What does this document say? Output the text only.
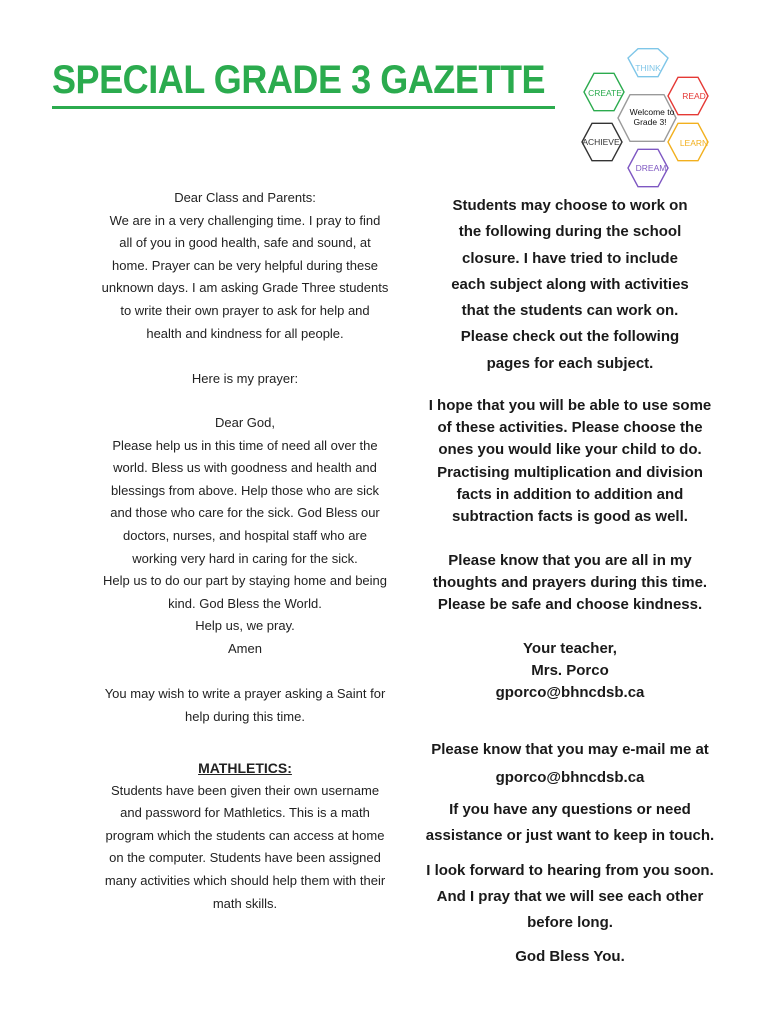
SPECIAL GRADE 3 GAZETTE	THINK
READ
LEARN
DREAM
ACHIEVE
CREATE
Welcome to
Grade 3!

Dear Class and Parents:

We are in a very challenging time. I pray to find

all of you in good health, safe and sound, at

home. Prayer can be very helpful during these

unknown days. I am asking Grade Three students

to write their own prayer to ask for help and

health and kindness for all people.

Here is my prayer:

Dear God,

Please help us in this time of need all over the

world. Bless us with goodness and health and

blessings from above. Help those who are sick

and those who care for the sick. God Bless our

doctors, nurses, and hospital staff who are

working very hard in caring for the sick.

Help us to do our part by staying home and being

kind. God Bless the World.

Help us, we pray.

Amen

You may wish to write a prayer asking a Saint for

help during this time.

MATHLETICS:

Students have been given their own username

and password for Mathletics. This is a math

program which the students can access at home

on the computer. Students have been assigned

many activities which should help them with their

math skills.

Students may choose to work on

the following during the school

closure. I have tried to include

each subject along with activities

that the students can work on.

Please check out the following

pages for each subject.

I hope that you will be able to use some

of these activities. Please choose the

ones you would like your child to do.

Practising multiplication and division

facts in addition to addition and

subtraction facts is good as well.

Please know that you are all in my

thoughts and prayers during this time.

Please be safe and choose kindness.

Your teacher,

Mrs. Porco

gporco@bhncdsb.ca

Please know that you may e-mail me at

gporco@bhncdsb.ca

If you have any questions or need

assistance or just want to keep in touch.

I look forward to hearing from you soon.

And I pray that we will see each other

before long.

God Bless You.
